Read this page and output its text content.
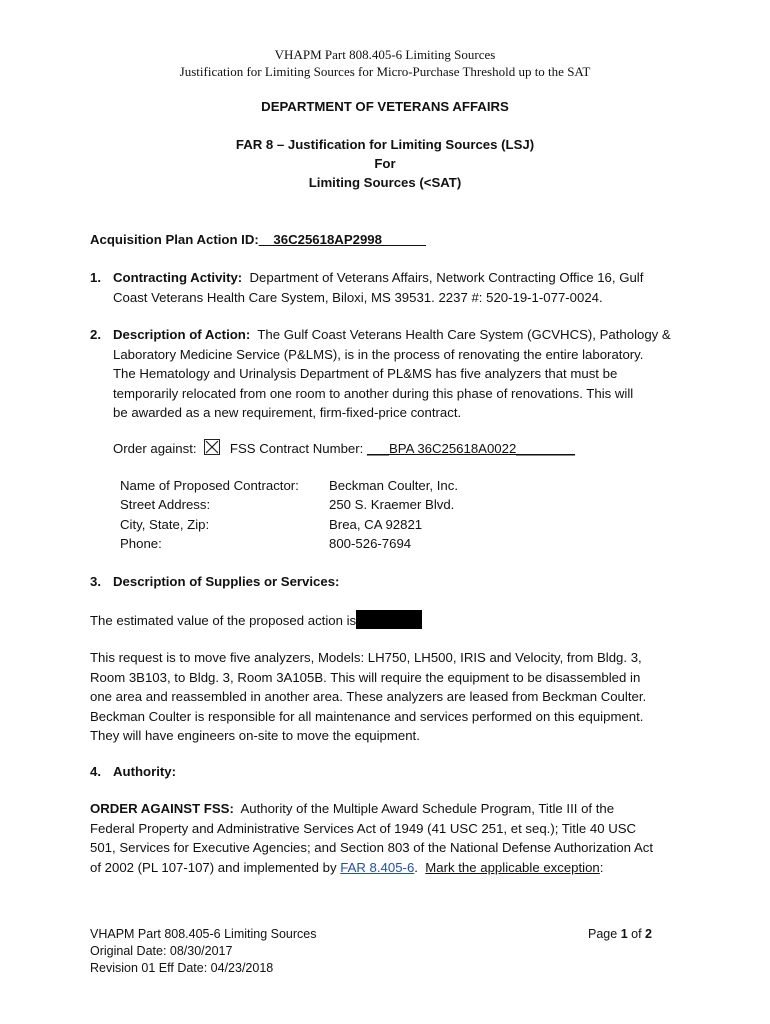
VHAPM Part 808.405-6 Limiting Sources
Justification for Limiting Sources for Micro-Purchase Threshold up to the SAT
DEPARTMENT OF VETERANS AFFAIRS
FAR 8 – Justification for Limiting Sources (LSJ)
For
Limiting Sources (<SAT)
Acquisition Plan Action ID:__36C25618AP2998______
1. Contracting Activity: Department of Veterans Affairs, Network Contracting Office 16, Gulf
Coast Veterans Health Care System, Biloxi, MS 39531. 2237 #: 520-19-1-077-0024.
2. Description of Action: The Gulf Coast Veterans Health Care System (GCVHCS), Pathology &
Laboratory Medicine Service (P&LMS), is in the process of renovating the entire laboratory.
The Hematology and Urinalysis Department of PL&MS has five analyzers that must be
temporarily relocated from one room to another during this phase of renovations. This will
be awarded as a new requirement, firm-fixed-price contract.
Order against:	FSS Contract Number: ___BPA 36C25618A0022________
Name of Proposed Contractor: Beckman Coulter, Inc.
Street Address:	250 S. Kraemer Blvd.
City, State, Zip:	Brea, CA 92821
Phone:	800-526-7694
3. Description of Supplies or Services:
The estimated value of the proposed action is
This request is to move five analyzers, Models: LH750, LH500, IRIS and Velocity, from Bldg. 3,
Room 3B103, to Bldg. 3, Room 3A105B. This will require the equipment to be disassembled in
one area and reassembled in another area. These analyzers are leased from Beckman Coulter.
Beckman Coulter is responsible for all maintenance and services performed on this equipment.
They will have engineers on-site to move the equipment.
4. Authority:
ORDER AGAINST FSS: Authority of the Multiple Award Schedule Program, Title III of the
Federal Property and Administrative Services Act of 1949 (41 USC 251, et seq.); Title 40 USC
501, Services for Executive Agencies; and Section 803 of the National Defense Authorization Act
of 2002 (PL 107-107) and implemented by FAR 8.405-6.  Mark the applicable exception:
VHAPM Part 808.405-6 Limiting Sources
Original Date: 08/30/2017
Revision 01 Eff Date: 04/23/2018
Page 1 of 2
